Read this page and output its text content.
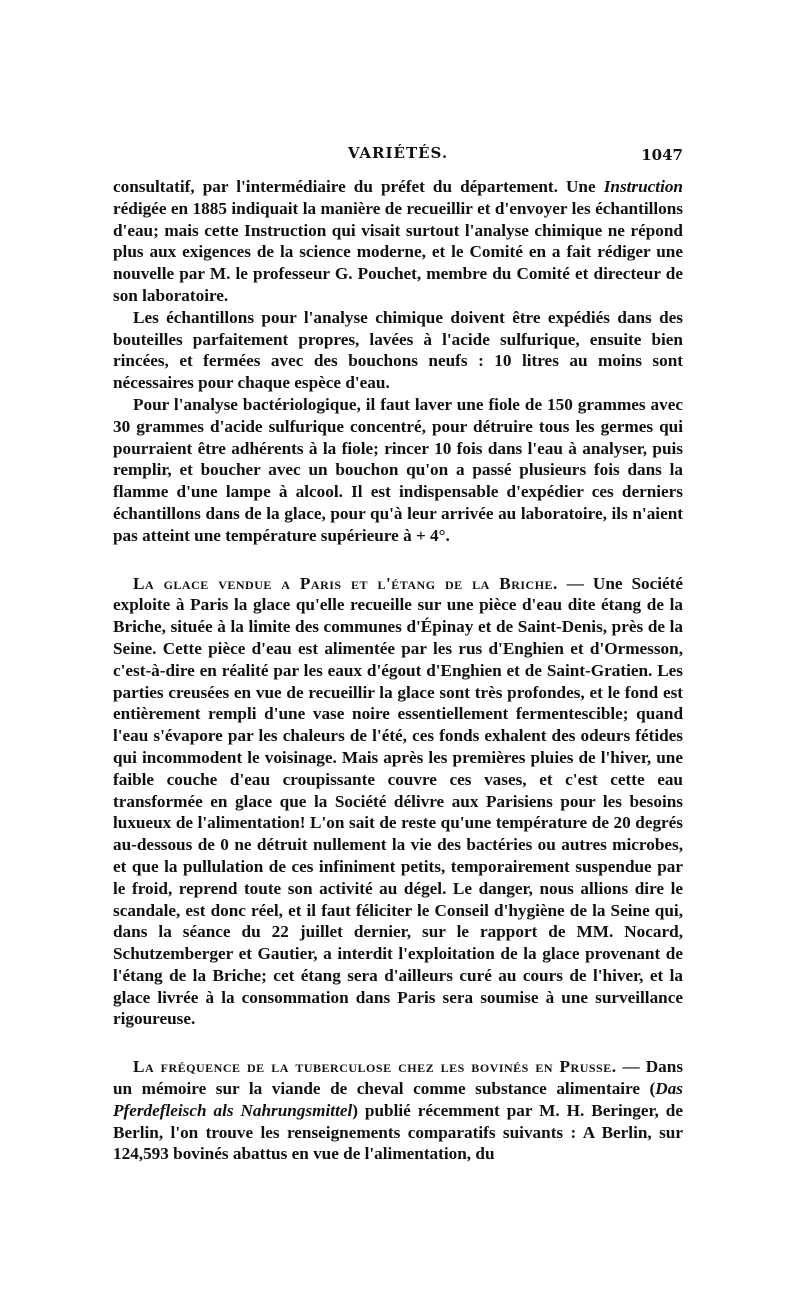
VARIÉTÉS.	1047

consultatif, par l'intermédiaire du préfet du département. Une Instruction rédigée en 1885 indiquait la manière de recueillir et d'envoyer les échantillons d'eau; mais cette Instruction qui visait surtout l'analyse chimique ne répond plus aux exigences de la science moderne, et le Comité en a fait rédiger une nouvelle par M. le professeur G. Pouchet, membre du Comité et directeur de son laboratoire.

Les échantillons pour l'analyse chimique doivent être expédiés dans des bouteilles parfaitement propres, lavées à l'acide sulfurique, ensuite bien rincées, et fermées avec des bouchons neufs : 10 litres au moins sont nécessaires pour chaque espèce d'eau.

Pour l'analyse bactériologique, il faut laver une fiole de 150 grammes avec 30 grammes d'acide sulfurique concentré, pour détruire tous les germes qui pourraient être adhérents à la fiole; rincer 10 fois dans l'eau à analyser, puis remplir, et boucher avec un bouchon qu'on a passé plusieurs fois dans la flamme d'une lampe à alcool. Il est indispensable d'expédier ces derniers échantillons dans de la glace, pour qu'à leur arrivée au laboratoire, ils n'aient pas atteint une température supérieure à + 4°.

La glace vendue a Paris et l'étang de la Briche. — Une Société exploite à Paris la glace qu'elle recueille sur une pièce d'eau dite étang de la Briche, située à la limite des communes d'Épinay et de Saint-Denis, près de la Seine. Cette pièce d'eau est alimentée par les rus d'Enghien et d'Ormesson, c'est-à-dire en réalité par les eaux d'égout d'Enghien et de Saint-Gratien. Les parties creusées en vue de recueillir la glace sont très profondes, et le fond est entièrement rempli d'une vase noire essentiellement fermentescible; quand l'eau s'évapore par les chaleurs de l'été, ces fonds exhalent des odeurs fétides qui incommodent le voisinage. Mais après les premières pluies de l'hiver, une faible couche d'eau croupissante couvre ces vases, et c'est cette eau transformée en glace que la Société délivre aux Parisiens pour les besoins luxueux de l'alimentation! L'on sait de reste qu'une température de 20 degrés au-dessous de 0 ne détruit nullement la vie des bactéries ou autres microbes, et que la pullulation de ces infiniment petits, temporairement suspendue par le froid, reprend toute son activité au dégel. Le danger, nous allions dire le scandale, est donc réel, et il faut féliciter le Conseil d'hygiène de la Seine qui, dans la séance du 22 juillet dernier, sur le rapport de MM. Nocard, Schutzemberger et Gautier, a interdit l'exploitation de la glace provenant de l'étang de la Briche; cet étang sera d'ailleurs curé au cours de l'hiver, et la glace livrée à la consommation dans Paris sera soumise à une surveillance rigoureuse.

La fréquence de la tuberculose chez les bovinés en Prusse. — Dans un mémoire sur la viande de cheval comme substance alimentaire (Das Pferdefleisch als Nahrungsmittel) publié récemment par M. H. Beringer, de Berlin, l'on trouve les renseignements comparatifs suivants : A Berlin, sur 124,593 bovinés abattus en vue de l'alimentation, du
